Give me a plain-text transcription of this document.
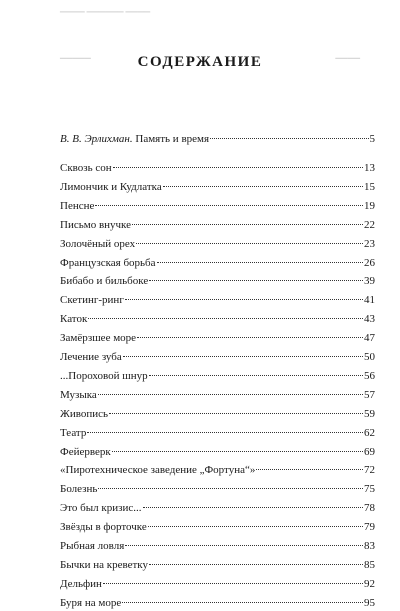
▔▔▔▔ ▔▔▔▔▔▔ ▔▔▔▔
▁▁▁▁▁	▁▁▁▁
СОДЕРЖАНИЕ
В. В. Эрлихман. Память и время	5
Сквозь сон	13
Лимончик и Кудлатка	15
Пенсне	19
Письмо внучке	22
Золочёный орех	23
Французская борьба	26
Бибабо и бильбоке	39
Скетинг-ринг	41
Каток	43
Замёрзшее море	47
Лечение зуба	50
...Пороховой шнур	56
Музыка	57
Живопись	59
Театр	62
Фейерверк	69
«Пиротехническое заведение „Фортуна“»	72
Болезнь	75
Это был кризис...	78
Звёзды в форточке	79
Рыбная ловля	83
Бычки на креветку	85
Дельфин	92
Буря на море	95
